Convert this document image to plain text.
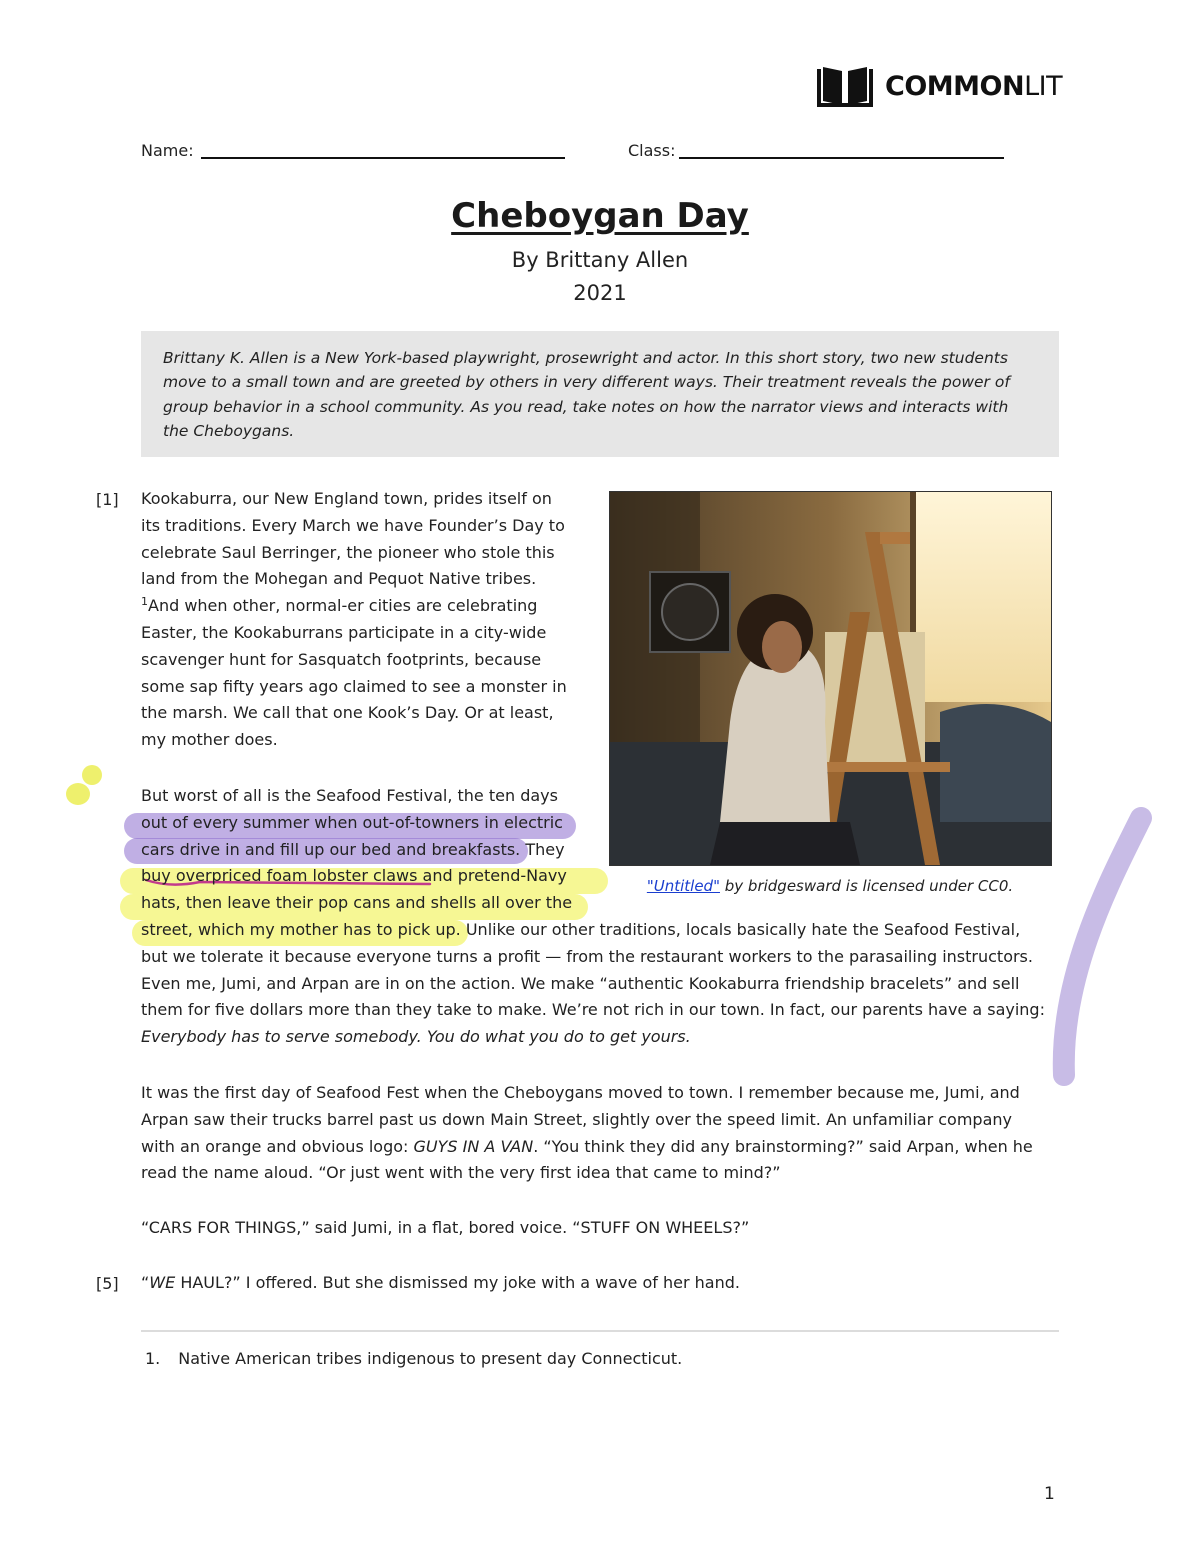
COMMONLIT
Name:	Class:
Cheboygan Day
By Brittany Allen
2021

Brittany K. Allen is a New York-based playwright, prosewright and actor. In this short story, two new students move to a small town and are greeted by others in very different ways. Their treatment reveals the power of group behavior in a school community. As you read, take notes on how the narrator views and interacts with the Cheboygans.

[1] Kookaburra, our New England town, prides itself on

its traditions. Every March we have Founder’s Day to

celebrate Saul Berringer, the pioneer who stole this

land from the Mohegan and Pequot Native tribes.

$^1$And when other, normal-er cities are celebrating

Easter, the Kookaburrans participate in a city-wide

scavenger hunt for Sasquatch footprints, because

some sap fifty years ago claimed to see a monster in

the marsh. We call that one Kook’s Day. Or at least,

my mother does.

But worst of all is the Seafood Festival, the ten days

out of every summer when out-of-towners in electric

cars drive in and fill up our bed and breakfasts. They

buy overpriced foam lobster claws and pretend-Navy

hats, then leave their pop cans and shells all over the

street, which my mother has to pick up. Unlike our other traditions, locals basically hate the Seafood Festival,

but we tolerate it because everyone turns a profit — from the restaurant workers to the parasailing instructors.

Even me, Jumi, and Arpan are in on the action. We make “authentic Kookaburra friendship bracelets” and sell

them for five dollars more than they take to make. We’re not rich in our town. In fact, our parents have a saying:

Everybody has to serve somebody. You do what you do to get yours.

It was the first day of Seafood Fest when the Cheboygans moved to town. I remember because me, Jumi, and

Arpan saw their trucks barrel past us down Main Street, slightly over the speed limit. An unfamiliar company

with an orange and obvious logo: GUYS IN A VAN. “You think they did any brainstorming?” said Arpan, when he

read the name aloud. “Or just went with the very first idea that came to mind?”

“CARS FOR THINGS,” said Jumi, in a flat, bored voice. “STUFF ON WHEELS?”

[5] “WE HAUL?” I offered. But she dismissed my joke with a wave of her hand.

"Untitled" by bridgesward is licensed under CC0.
1. Native American tribes indigenous to present day Connecticut.
1
